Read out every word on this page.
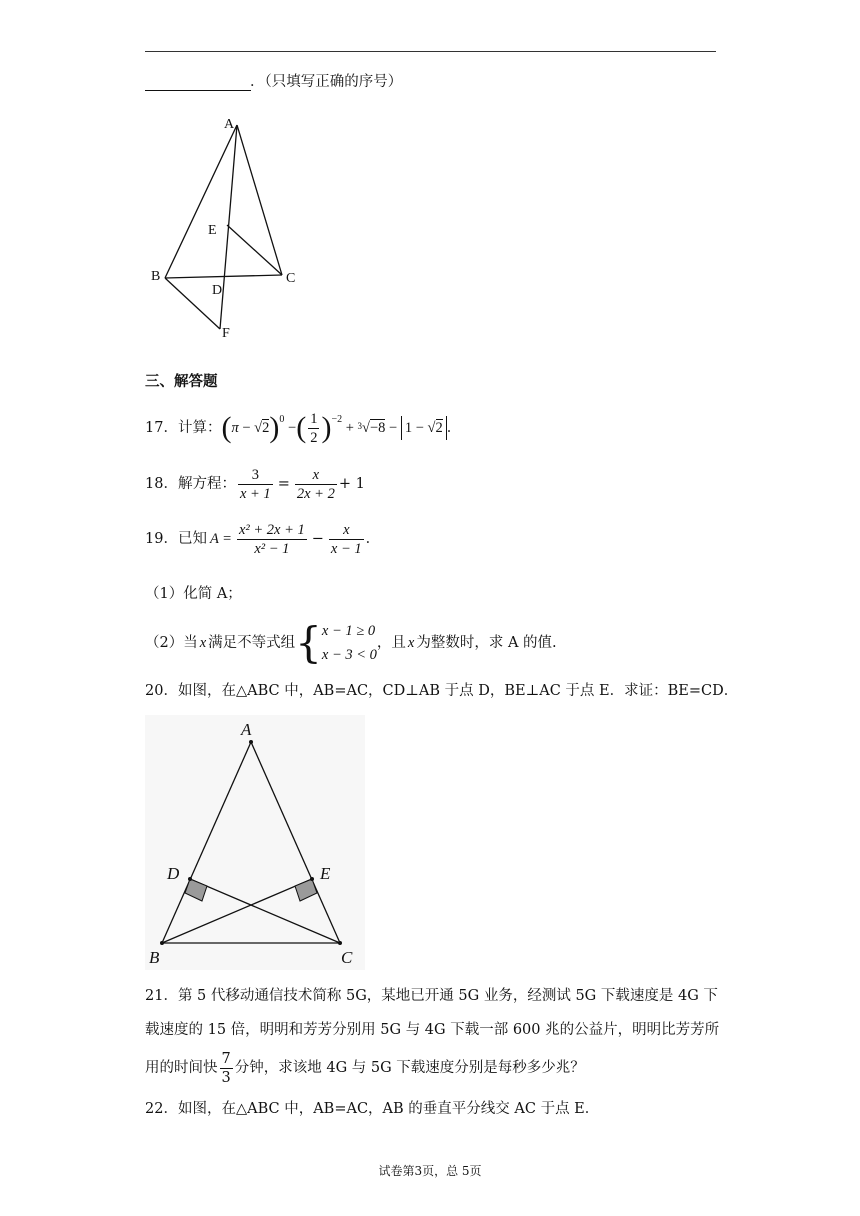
．（只填写正确的序号）
A
B	C
D
E
F
三、解答题
17． 计算： ( π
−
√2 )$^0$

− ( $\frac{1}{2} )^{-2}$

+
3 √−8
−
1 − √2 ．
18． 解方程： $\frac{3}{x + 1} = \frac{x}{2x + 2} + 1$
19． 已知 $A = \frac{\text{x² + 2x + 1}}{\text{x² − 1}} - \frac{x}{x - 1}$ ．
（1）化简 A；
（2）当 x 满足不等式组 { x − 1 ≥ 0
x − 3 < 0
，且 x 为整数时，求 A 的值.
20．如图，在△ABC 中，AB=AC，CD⊥AB 于点 D，BE⊥AC 于点 E．求证：BE=CD．
A
B	C
D	E
21．第 5 代移动通信技术简称 5G，某地已开通 5G 业务，经测试 5G 下载速度是 4G 下
载速度的 15 倍，明明和芳芳分别用 5G 与 4G 下载一部 600 兆的公益片，明明比芳芳所
用的时间快 $\frac{7}{3}$ 分钟，求该地 4G 与 5G 下载速度分别是每秒多少兆？
22．如图，在△ABC 中，AB=AC，AB 的垂直平分线交 AC 于点 E．
试卷第3页，总 5页
